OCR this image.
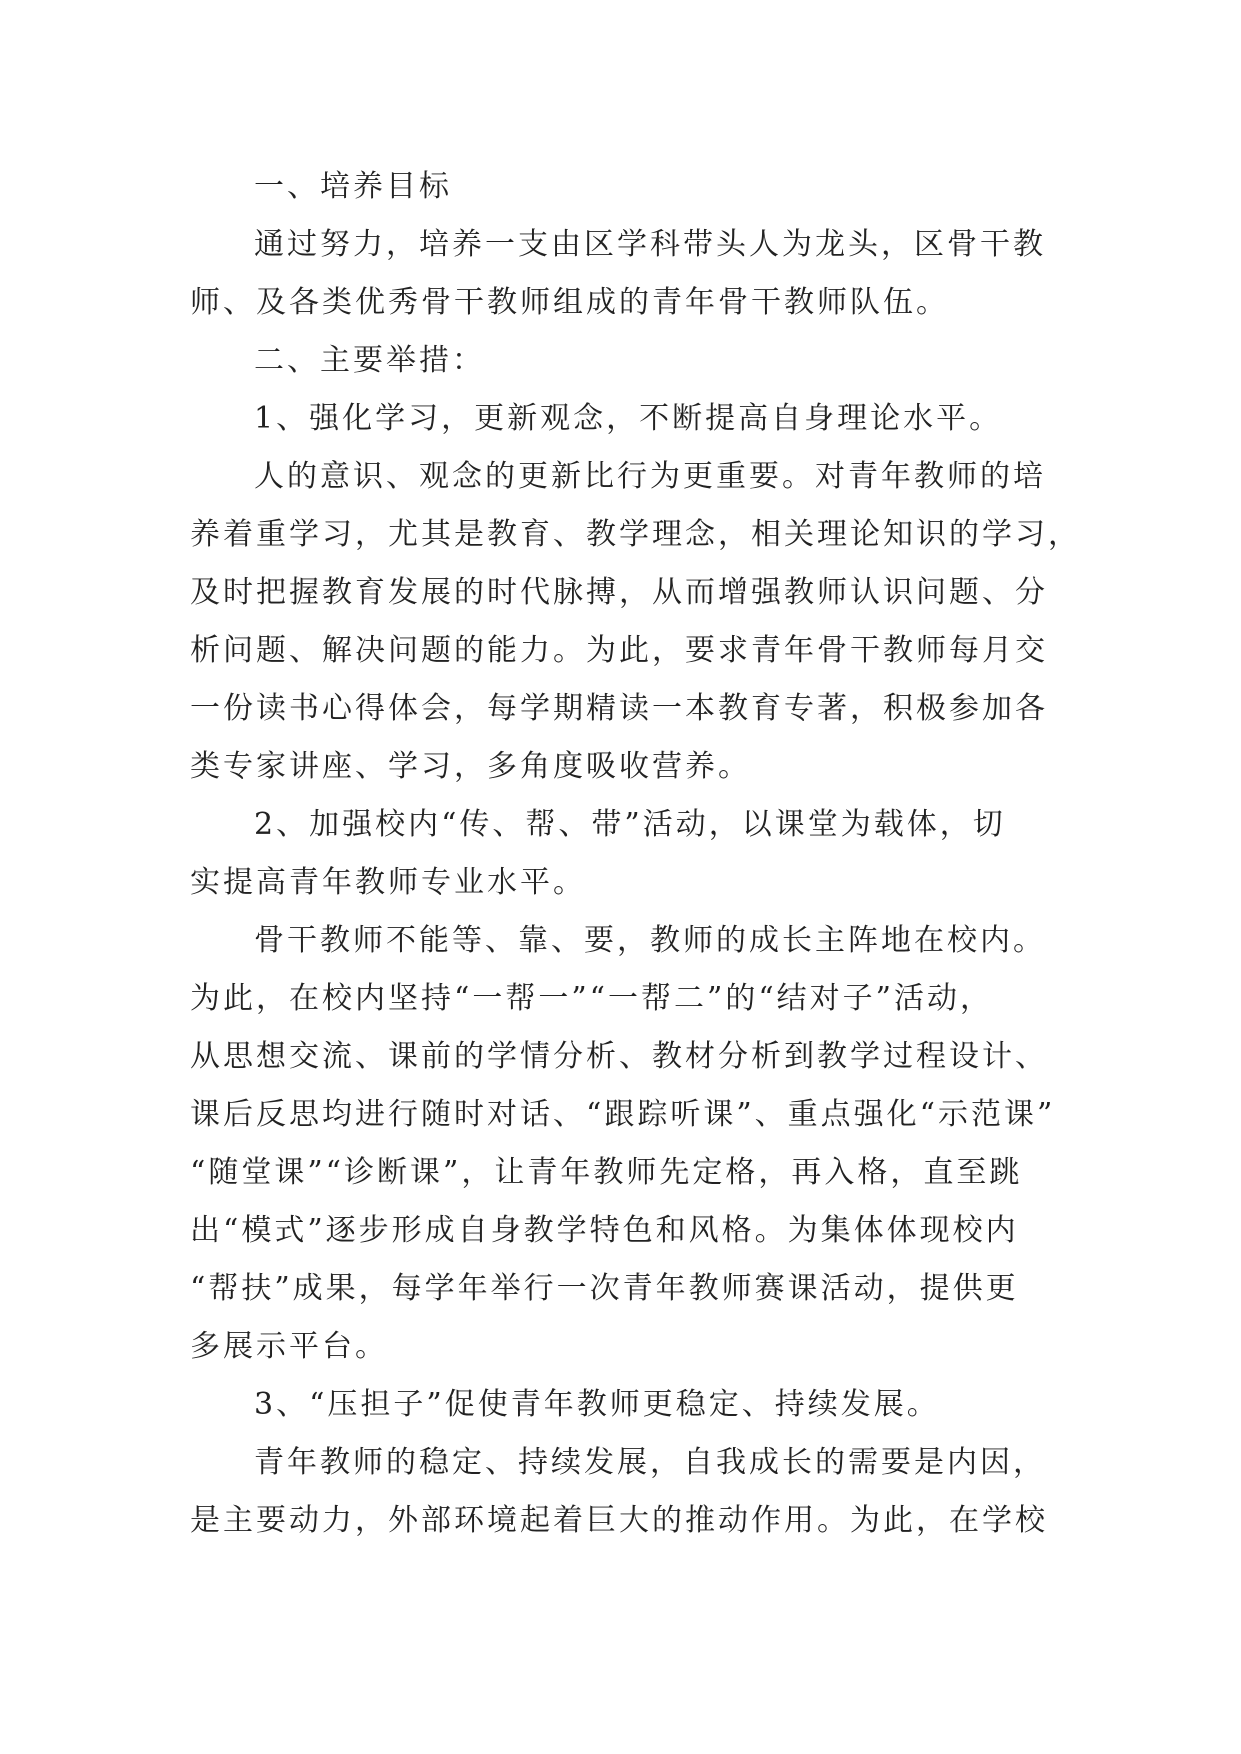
一、培养目标
通过努力，培养一支由区学科带头人为龙头，区骨干教
师、及各类优秀骨干教师组成的青年骨干教师队伍。
二、主要举措：
1、强化学习，更新观念，不断提高自身理论水平。
人的意识、观念的更新比行为更重要。对青年教师的培
养着重学习，尤其是教育、教学理念，相关理论知识的学习，
及时把握教育发展的时代脉搏，从而增强教师认识问题、分
析问题、解决问题的能力。为此，要求青年骨干教师每月交
一份读书心得体会，每学期精读一本教育专著，积极参加各
类专家讲座、学习，多角度吸收营养。
2、加强校内“传、帮、带”活动，以课堂为载体，切
实提高青年教师专业水平。
骨干教师不能等、靠、要，教师的成长主阵地在校内。
为此，在校内坚持“一帮一”“一帮二”的“结对子”活动，
从思想交流、课前的学情分析、教材分析到教学过程设计、
课后反思均进行随时对话、“跟踪听课”、重点强化“示范课”
“随堂课”“诊断课”，让青年教师先定格，再入格，直至跳
出“模式”逐步形成自身教学特色和风格。为集体体现校内
“帮扶”成果，每学年举行一次青年教师赛课活动，提供更
多展示平台。
3、“压担子”促使青年教师更稳定、持续发展。
青年教师的稳定、持续发展，自我成长的需要是内因，
是主要动力，外部环境起着巨大的推动作用。为此，在学校
